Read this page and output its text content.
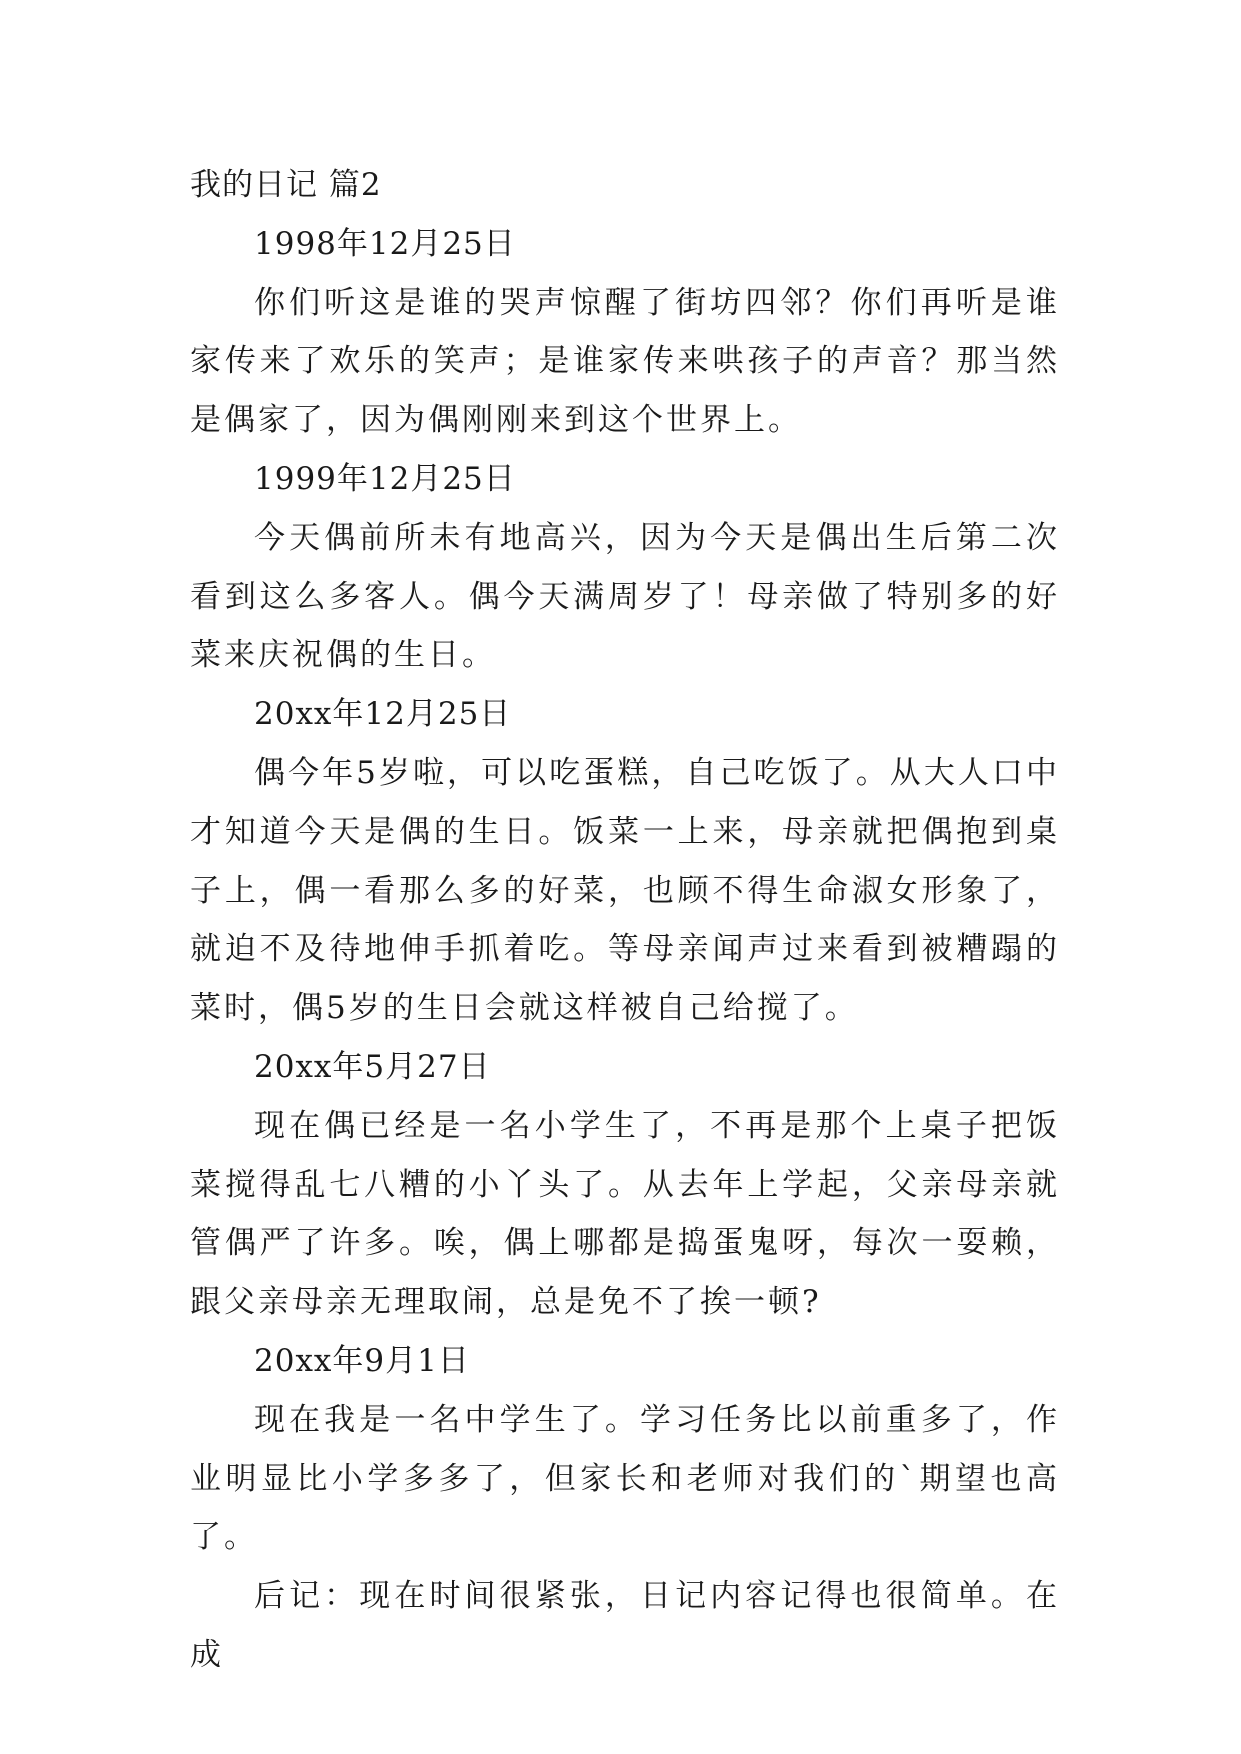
我的日记 篇2

1998年12月25日

你们听这是谁的哭声惊醒了街坊四邻？你们再听是谁家传来了欢乐的笑声；是谁家传来哄孩子的声音？那当然是偶家了，因为偶刚刚来到这个世界上。

1999年12月25日

今天偶前所未有地高兴，因为今天是偶出生后第二次看到这么多客人。偶今天满周岁了！母亲做了特别多的好菜来庆祝偶的生日。

20xx年12月25日

偶今年5岁啦，可以吃蛋糕，自己吃饭了。从大人口中才知道今天是偶的生日。饭菜一上来，母亲就把偶抱到桌子上，偶一看那么多的好菜，也顾不得生命淑女形象了，就迫不及待地伸手抓着吃。等母亲闻声过来看到被糟蹋的菜时，偶5岁的生日会就这样被自己给搅了。

20xx年5月27日

现在偶已经是一名小学生了，不再是那个上桌子把饭菜搅得乱七八糟的小丫头了。从去年上学起，父亲母亲就管偶严了许多。唉，偶上哪都是捣蛋鬼呀，每次一耍赖，跟父亲母亲无理取闹，总是免不了挨一顿?

20xx年9月1日

现在我是一名中学生了。学习任务比以前重多了，作业明显比小学多多了，但家长和老师对我们的`期望也高了。

后记：现在时间很紧张，日记内容记得也很简单。在成
